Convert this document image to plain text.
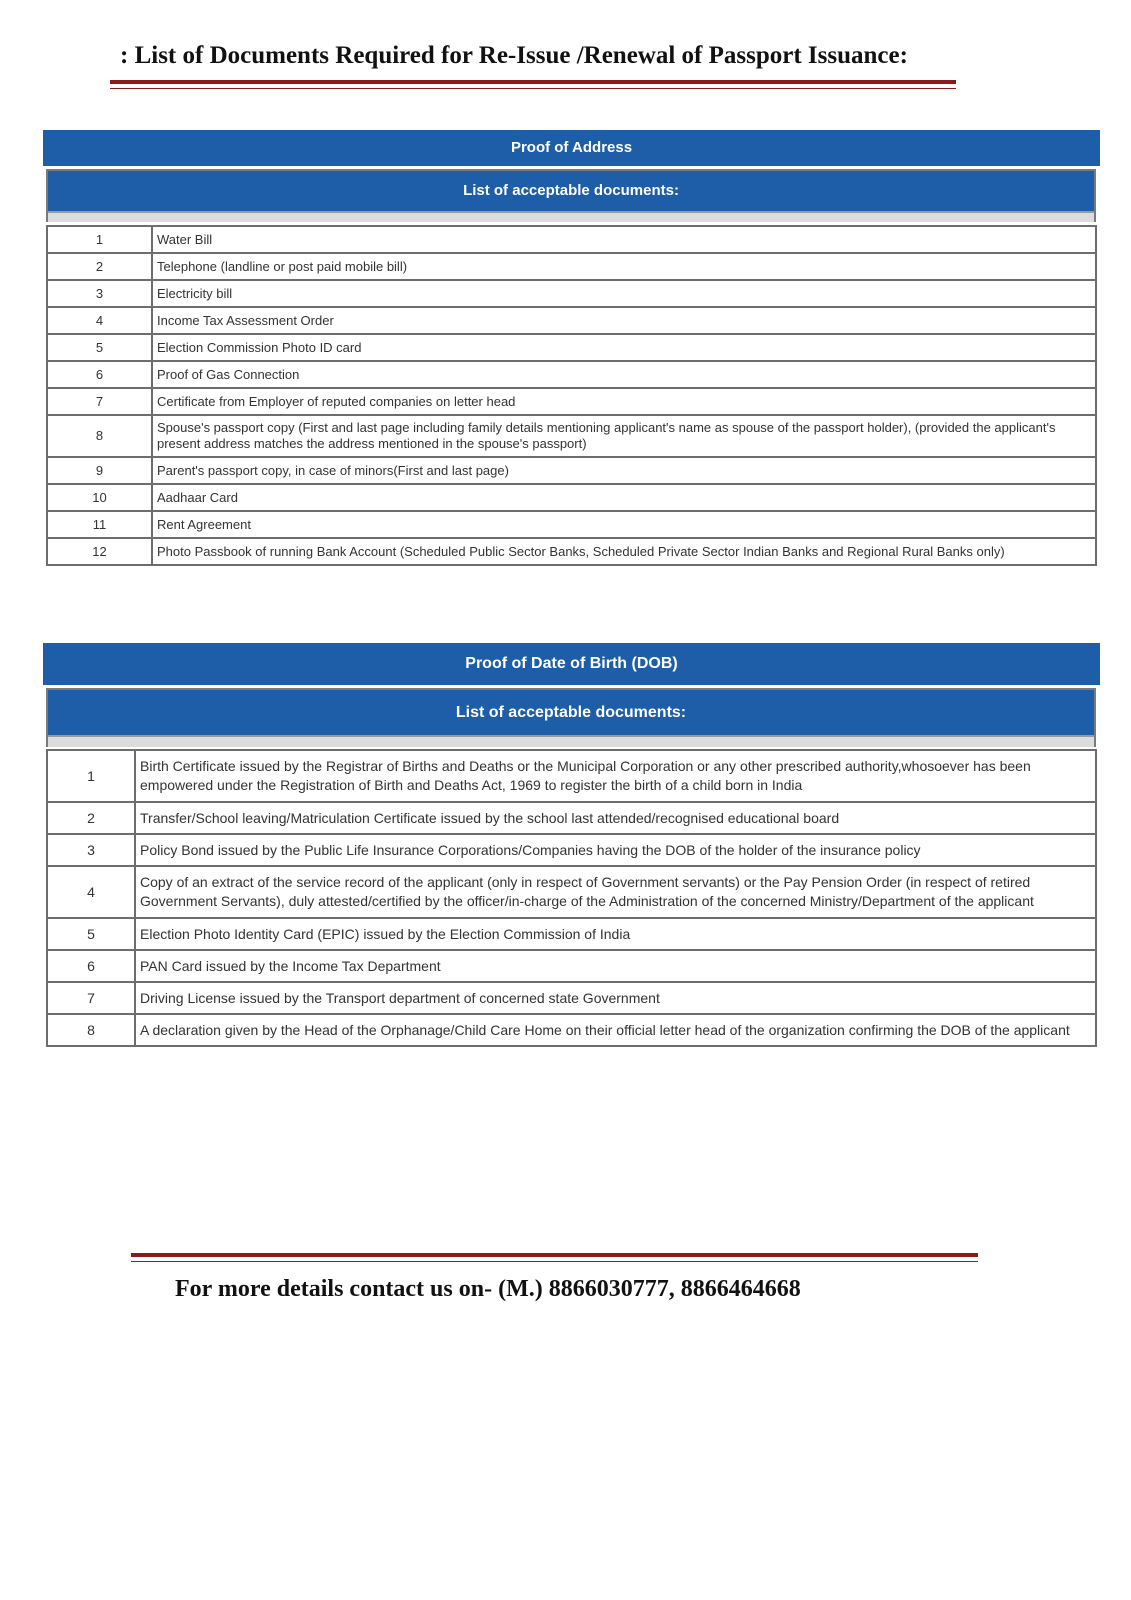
: List of Documents Required for Re-Issue /Renewal of Passport Issuance:
Proof of Address
List of acceptable documents:
1	Water Bill
2	Telephone (landline or post paid mobile bill)
3	Electricity bill
4	Income Tax Assessment Order
5	Election Commission Photo ID card
6	Proof of Gas Connection
7	Certificate from Employer of reputed companies on letter head
8	Spouse's passport copy (First and last page including family details mentioning applicant's name as spouse of the passport holder), (provided the applicant's present address matches the address mentioned in the spouse's passport)
9	Parent's passport copy, in case of minors(First and last page)
10	Aadhaar Card
11	Rent Agreement
12	Photo Passbook of running Bank Account (Scheduled Public Sector Banks, Scheduled Private Sector Indian Banks and Regional Rural Banks only)
Proof of Date of Birth (DOB)
List of acceptable documents:
1	Birth Certificate issued by the Registrar of Births and Deaths or the Municipal Corporation or any other prescribed authority,whosoever has been empowered under the Registration of Birth and Deaths Act, 1969 to register the birth of a child born in India
2	Transfer/School leaving/Matriculation Certificate issued by the school last attended/recognised educational board
3	Policy Bond issued by the Public Life Insurance Corporations/Companies having the DOB of the holder of the insurance policy
4	Copy of an extract of the service record of the applicant (only in respect of Government servants) or the Pay Pension Order (in respect of retired Government Servants), duly attested/certified by the officer/in-charge of the Administration of the concerned Ministry/Department of the applicant
5	Election Photo Identity Card (EPIC) issued by the Election Commission of India
6	PAN Card issued by the Income Tax Department
7	Driving License issued by the Transport department of concerned state Government
8	A declaration given by the Head of the Orphanage/Child Care Home on their official letter head of the organization confirming the DOB of the applicant
For more details contact us on- (M.) 8866030777, 8866464668
